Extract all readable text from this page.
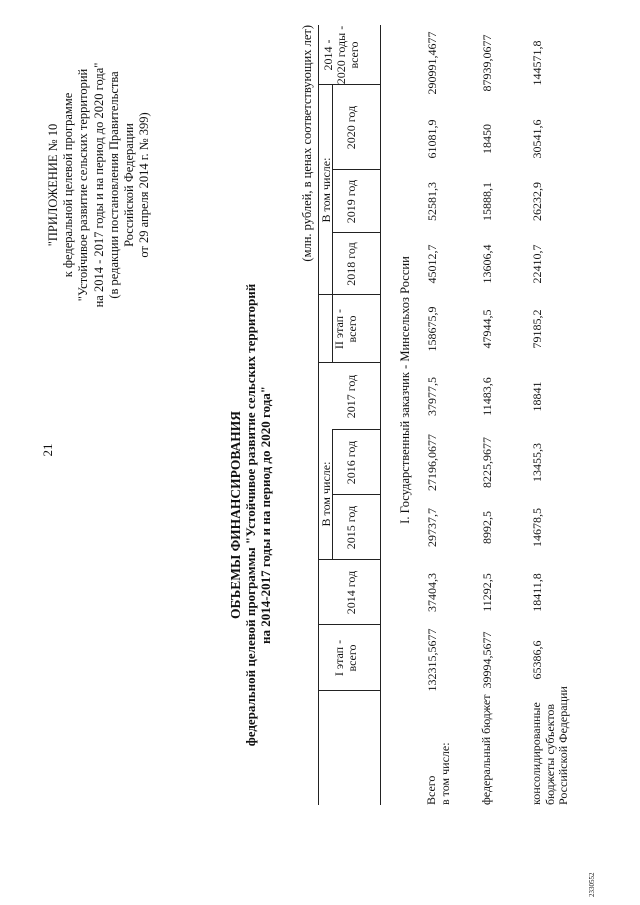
21
"ПРИЛОЖЕНИЕ № 10 к федеральной целевой программе "Устойчивое развитие сельских территорий на 2014 - 2017 годы и на период до 2020 года" (в редакции постановления Правительства Российской Федерации от 29 апреля 2014 г. № 399)
ОБЪЕМЫ ФИНАНСИРОВАНИЯ федеральной целевой программы "Устойчивое развитие сельских территорий на 2014-2017 годы и на период до 2020 года"
(млн. рублей, в ценах соответствующих лет)
I этап - всего
В том числе:
2014 год
2015 год
2016 год
2017 год
II этап - всего
В том числе:
2018 год
2019 год
2020 год
2014 - 2020 годы - всего
I. Государственный заказчик - Минсельхоз России
Всего в том числе: федеральный бюджет	консолидированные бюджеты субъектов Российской Федерации
132315,5677
37404,3
29737,7
27196,0677
37977,5
158675,9
45012,7
52581,3
61081,9
290991,4677
39994,5677
11292,5
8992,5
8225,9677
11483,6
47944,5
13606,4
15888,1
18450
87939,0677
65386,6
18411,8
14678,5
13455,3
18841
79185,2
22410,7
26232,9
30541,6
144571,8
2330552
